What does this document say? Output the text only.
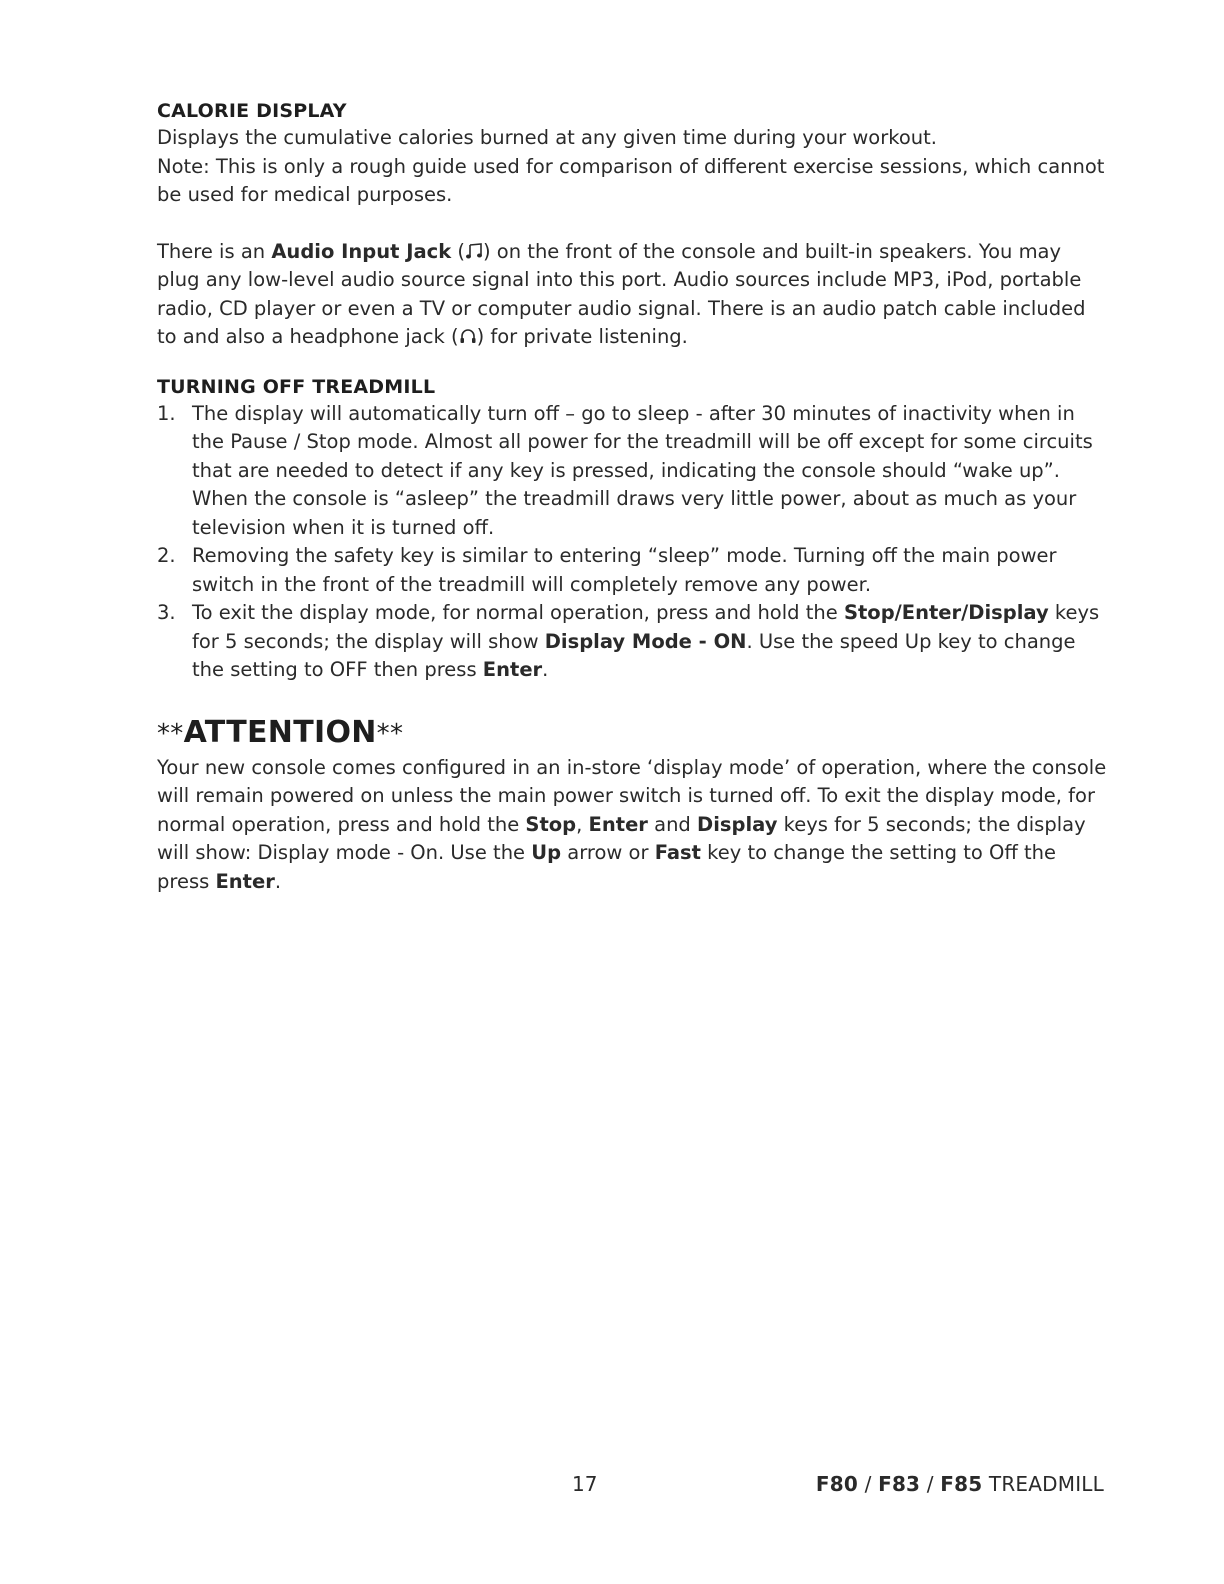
CALORIE DISPLAY

Displays the cumulative calories burned at any given time during your workout.

Note: This is only a rough guide used for comparison of different exercise sessions, which cannot be used for medical purposes.

There is an Audio Input Jack ( ) on the front of the console and built-in speakers. You may plug any low-level audio source signal into this port. Audio sources include MP3, iPod, portable radio, CD player or even a TV or computer audio signal. There is an audio patch cable included to and also a headphone jack ( ) for private listening.

TURNING OFF TREADMILL
1. The display will automatically turn off – go to sleep - after 30 minutes of inactivity when in the Pause / Stop mode. Almost all power for the treadmill will be off except for some circuits that are needed to detect if any key is pressed, indicating the console should “wake up”. When the console is “asleep” the treadmill draws very little power, about as much as your television when it is turned off.
2. Removing the safety key is similar to entering “sleep” mode. Turning off the main power switch in the front of the treadmill will completely remove any power.
3. To exit the display mode, for normal operation, press and hold the Stop/Enter/Display keys for 5 seconds; the display will show Display Mode - ON. Use the speed Up key to change the setting to OFF then press Enter.
**ATTENTION**

Your new console comes configured in an in-store ‘display mode’ of operation, where the console will remain powered on unless the main power switch is turned off. To exit the display mode, for normal operation, press and hold the Stop, Enter and Display keys for 5 seconds; the display will show: Display mode - On. Use the Up arrow or Fast key to change the setting to Off the press Enter.

17	F80 / F83 / F85 TREADMILL
